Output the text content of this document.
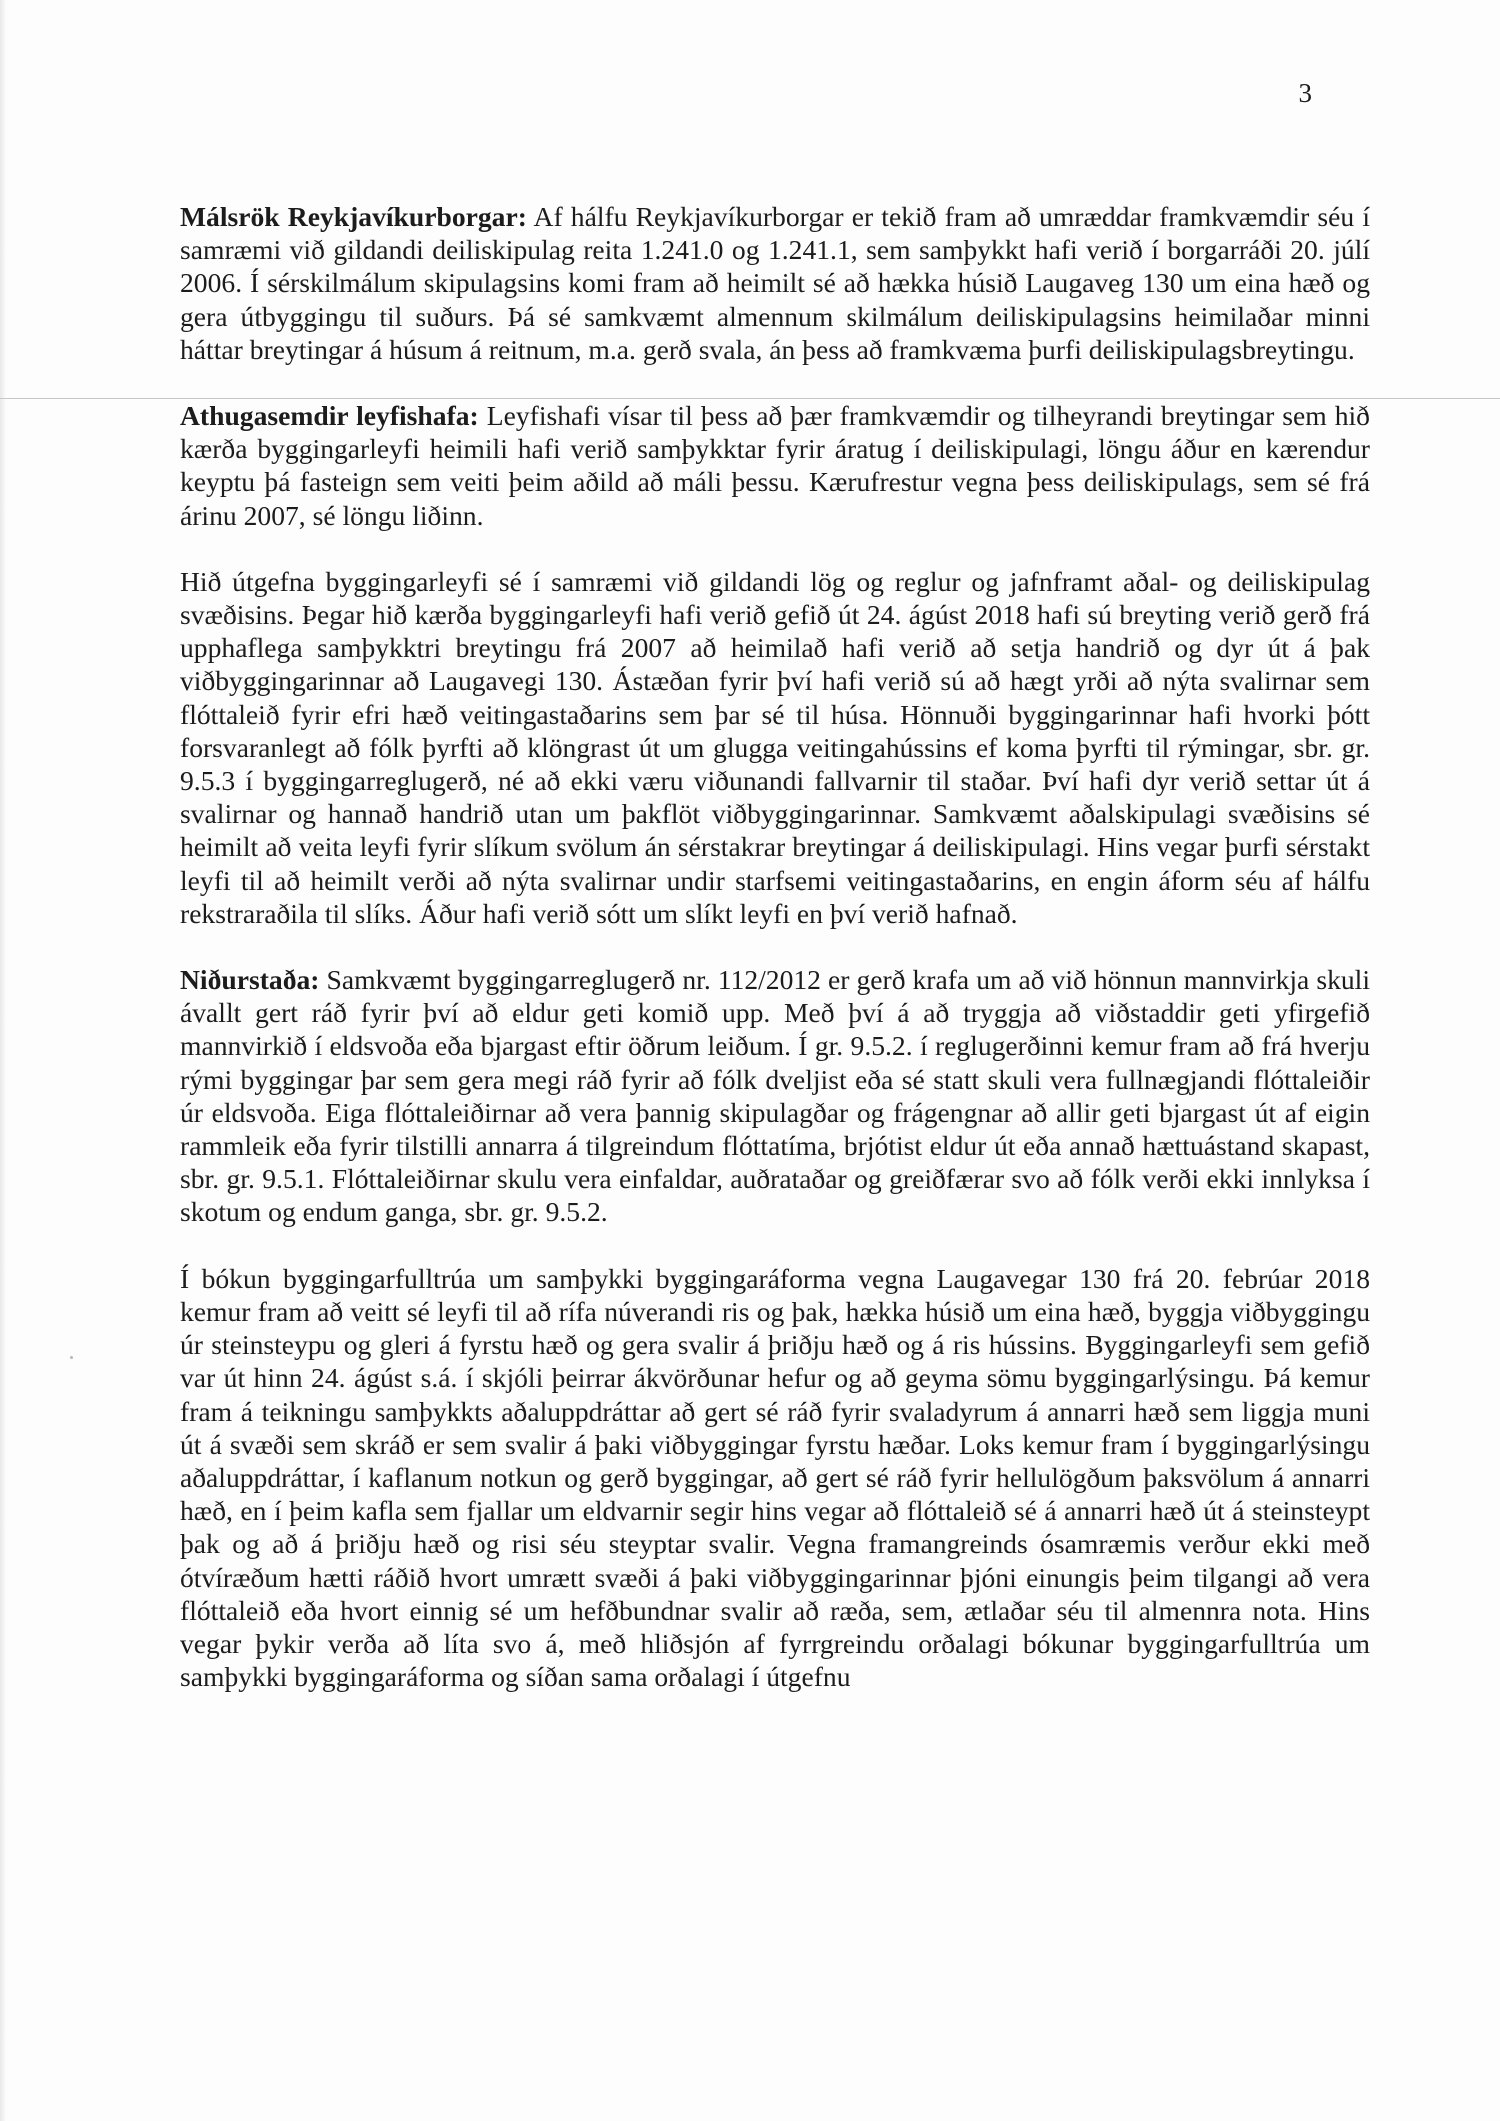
3

Málsrök Reykjavíkurborgar: Af hálfu Reykjavíkurborgar er tekið fram að umræddar framkvæmdir séu í samræmi við gildandi deiliskipulag reita 1.241.0 og 1.241.1, sem samþykkt hafi verið í borgarráði 20. júlí 2006. Í sérskilmálum skipulagsins komi fram að heimilt sé að hækka húsið Laugaveg 130 um eina hæð og gera útbyggingu til suðurs. Þá sé samkvæmt almennum skilmálum deiliskipulagsins heimilaðar minni háttar breytingar á húsum á reitnum, m.a. gerð svala, án þess að framkvæma þurfi deiliskipulagsbreytingu.

Athugasemdir leyfishafa: Leyfishafi vísar til þess að þær framkvæmdir og tilheyrandi breytingar sem hið kærða byggingarleyfi heimili hafi verið samþykktar fyrir áratug í deiliskipulagi, löngu áður en kærendur keyptu þá fasteign sem veiti þeim aðild að máli þessu. Kærufrestur vegna þess deiliskipulags, sem sé frá árinu 2007, sé löngu liðinn.

Hið útgefna byggingarleyfi sé í samræmi við gildandi lög og reglur og jafnframt aðal- og deiliskipulag svæðisins. Þegar hið kærða byggingarleyfi hafi verið gefið út 24. ágúst 2018 hafi sú breyting verið gerð frá upphaflega samþykktri breytingu frá 2007 að heimilað hafi verið að setja handrið og dyr út á þak viðbyggingarinnar að Laugavegi 130. Ástæðan fyrir því hafi verið sú að hægt yrði að nýta svalirnar sem flóttaleið fyrir efri hæð veitingastaðarins sem þar sé til húsa. Hönnuði byggingarinnar hafi hvorki þótt forsvaranlegt að fólk þyrfti að klöngrast út um glugga veitingahússins ef koma þyrfti til rýmingar, sbr. gr. 9.5.3 í byggingarreglugerð, né að ekki væru viðunandi fallvarnir til staðar. Því hafi dyr verið settar út á svalirnar og hannað handrið utan um þakflöt viðbyggingarinnar. Samkvæmt aðalskipulagi svæðisins sé heimilt að veita leyfi fyrir slíkum svölum án sérstakrar breytingar á deiliskipulagi. Hins vegar þurfi sérstakt leyfi til að heimilt verði að nýta svalirnar undir starfsemi veitingastaðarins, en engin áform séu af hálfu rekstraraðila til slíks. Áður hafi verið sótt um slíkt leyfi en því verið hafnað.

Niðurstaða: Samkvæmt byggingarreglugerð nr. 112/2012 er gerð krafa um að við hönnun mannvirkja skuli ávallt gert ráð fyrir því að eldur geti komið upp. Með því á að tryggja að viðstaddir geti yfirgefið mannvirkið í eldsvoða eða bjargast eftir öðrum leiðum. Í gr. 9.5.2. í reglugerðinni kemur fram að frá hverju rými byggingar þar sem gera megi ráð fyrir að fólk dveljist eða sé statt skuli vera fullnægjandi flóttaleiðir úr eldsvoða. Eiga flóttaleiðirnar að vera þannig skipulagðar og frágengnar að allir geti bjargast út af eigin rammleik eða fyrir tilstilli annarra á tilgreindum flóttatíma, brjótist eldur út eða annað hættuástand skapast, sbr. gr. 9.5.1. Flóttaleiðirnar skulu vera einfaldar, auðrataðar og greiðfærar svo að fólk verði ekki innlyksa í skotum og endum ganga, sbr. gr. 9.5.2.

Í bókun byggingarfulltrúa um samþykki byggingaráforma vegna Laugavegar 130 frá 20. febrúar 2018 kemur fram að veitt sé leyfi til að rífa núverandi ris og þak, hækka húsið um eina hæð, byggja viðbyggingu úr steinsteypu og gleri á fyrstu hæð og gera svalir á þriðju hæð og á ris hússins. Byggingarleyfi sem gefið var út hinn 24. ágúst s.á. í skjóli þeirrar ákvörðunar hefur og að geyma sömu byggingarlýsingu. Þá kemur fram á teikningu samþykkts aðaluppdráttar að gert sé ráð fyrir svaladyrum á annarri hæð sem liggja muni út á svæði sem skráð er sem svalir á þaki viðbyggingar fyrstu hæðar. Loks kemur fram í byggingarlýsingu aðaluppdráttar, í kaflanum notkun og gerð byggingar, að gert sé ráð fyrir hellulögðum þaksvölum á annarri hæð, en í þeim kafla sem fjallar um eldvarnir segir hins vegar að flóttaleið sé á annarri hæð út á steinsteypt þak og að á þriðju hæð og risi séu steyptar svalir. Vegna framangreinds ósamræmis verður ekki með ótvíræðum hætti ráðið hvort umrætt svæði á þaki viðbyggingarinnar þjóni einungis þeim tilgangi að vera flóttaleið eða hvort einnig sé um hefðbundnar svalir að ræða, sem, ætlaðar séu til almennra nota. Hins vegar þykir verða að líta svo á, með hliðsjón af fyrrgreindu orðalagi bókunar byggingarfulltrúa um samþykki byggingaráforma og síðan sama orðalagi í útgefnu
